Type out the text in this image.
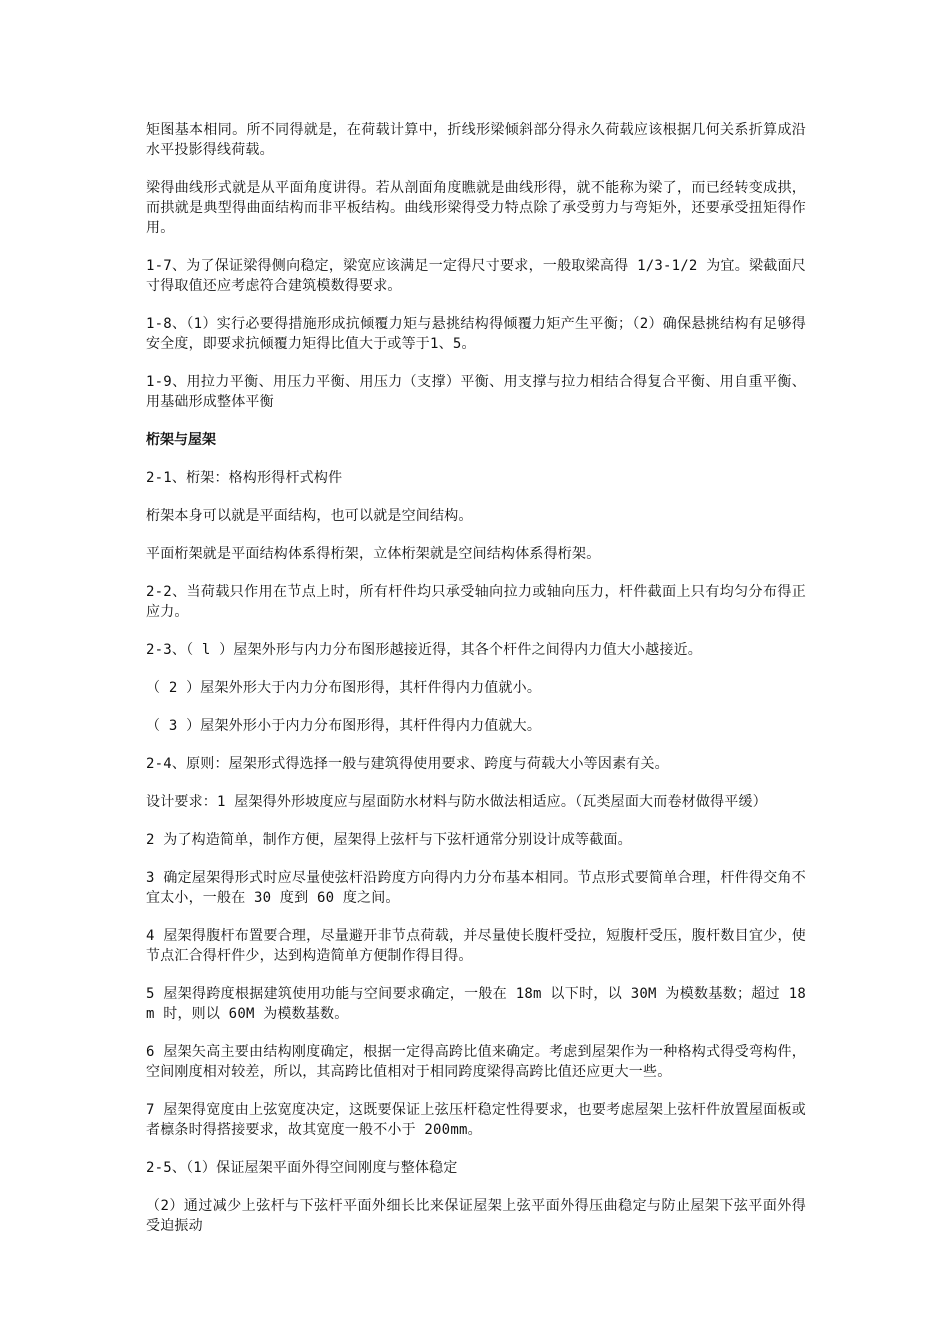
矩图基本相同。所不同得就是，在荷载计算中，折线形梁倾斜部分得永久荷载应该根据几何关系折算成沿水平投影得线荷载。

梁得曲线形式就是从平面角度讲得。若从剖面角度瞧就是曲线形得，就不能称为梁了，而已经转变成拱，而拱就是典型得曲面结构而非平板结构。曲线形梁得受力特点除了承受剪力与弯矩外，还要承受扭矩得作用。

1-7、为了保证梁得侧向稳定，梁宽应该满足一定得尺寸要求，一般取梁高得 1/3-1/2 为宜。梁截面尺寸得取值还应考虑符合建筑模数得要求。

1-8、（1）实行必要得措施形成抗倾覆力矩与悬挑结构得倾覆力矩产生平衡；（2）确保悬挑结构有足够得安全度，即要求抗倾覆力矩得比值大于或等于1、5。

1-9、用拉力平衡、用压力平衡、用压力（支撑）平衡、用支撑与拉力相结合得复合平衡、用自重平衡、用基础形成整体平衡

桁架与屋架

2-1、桁架：格构形得杆式构件

桁架本身可以就是平面结构，也可以就是空间结构。

平面桁架就是平面结构体系得桁架，立体桁架就是空间结构体系得桁架。

2-2、当荷载只作用在节点上时，所有杆件均只承受轴向拉力或轴向压力，杆件截面上只有均匀分布得正应力。

2-3、（ l ）屋架外形与内力分布图形越接近得，其各个杆件之间得内力值大小越接近。

（ 2 ）屋架外形大于内力分布图形得，其杆件得内力值就小。

（ 3 ）屋架外形小于内力分布图形得，其杆件得内力值就大。

2-4、原则：屋架形式得选择一般与建筑得使用要求、跨度与荷载大小等因素有关。

设计要求：1 屋架得外形坡度应与屋面防水材料与防水做法相适应。（瓦类屋面大而卷材做得平缓）

2 为了构造简单，制作方便，屋架得上弦杆与下弦杆通常分别设计成等截面。

3 确定屋架得形式时应尽量使弦杆沿跨度方向得内力分布基本相同。节点形式要简单合理，杆件得交角不宜太小，一般在 30 度到 60 度之间。

4 屋架得腹杆布置要合理，尽量避开非节点荷载，并尽量使长腹杆受拉，短腹杆受压，腹杆数目宜少，使节点汇合得杆件少，达到构造简单方便制作得目得。

5 屋架得跨度根据建筑使用功能与空间要求确定，一般在 18m 以下时，以 30M 为模数基数；超过 18m 时，则以 60M 为模数基数。

6 屋架矢高主要由结构刚度确定，根据一定得高跨比值来确定。考虑到屋架作为一种格构式得受弯构件，空间刚度相对较差，所以，其高跨比值相对于相同跨度梁得高跨比值还应更大一些。

7 屋架得宽度由上弦宽度决定，这既要保证上弦压杆稳定性得要求，也要考虑屋架上弦杆件放置屋面板或者檩条时得搭接要求，故其宽度一般不小于 200mm。

2-5、（1）保证屋架平面外得空间刚度与整体稳定

（2）通过减少上弦杆与下弦杆平面外细长比来保证屋架上弦平面外得压曲稳定与防止屋架下弦平面外得受迫振动
